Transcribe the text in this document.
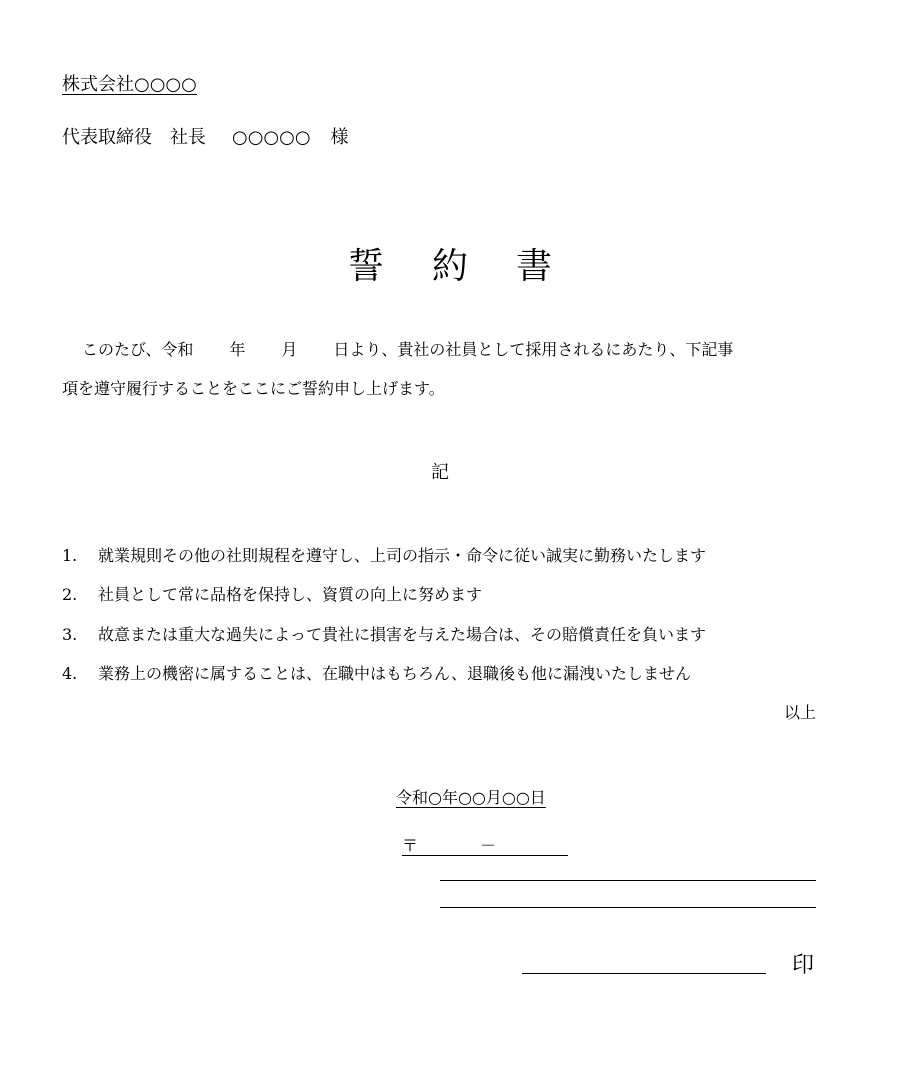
株式会社○○○○
代表取締役 社長 ○○○○○ 様
誓約書
このたび、令和 年 月 日より、貴社の社員として採用されるにあたり、下記事
項を遵守履行することをここにご誓約申し上げます。
記
1. 就業規則その他の社則規程を遵守し、上司の指示・命令に従い誠実に勤務いたします
2. 社員として常に品格を保持し、資質の向上に努めます
3. 故意または重大な過失によって貴社に損害を与えた場合は、その賠償責任を負います
4. 業務上の機密に属することは、在職中はもちろん、退職後も他に漏洩いたしません
以上
令和○年○○月○○日
〒	－
印
